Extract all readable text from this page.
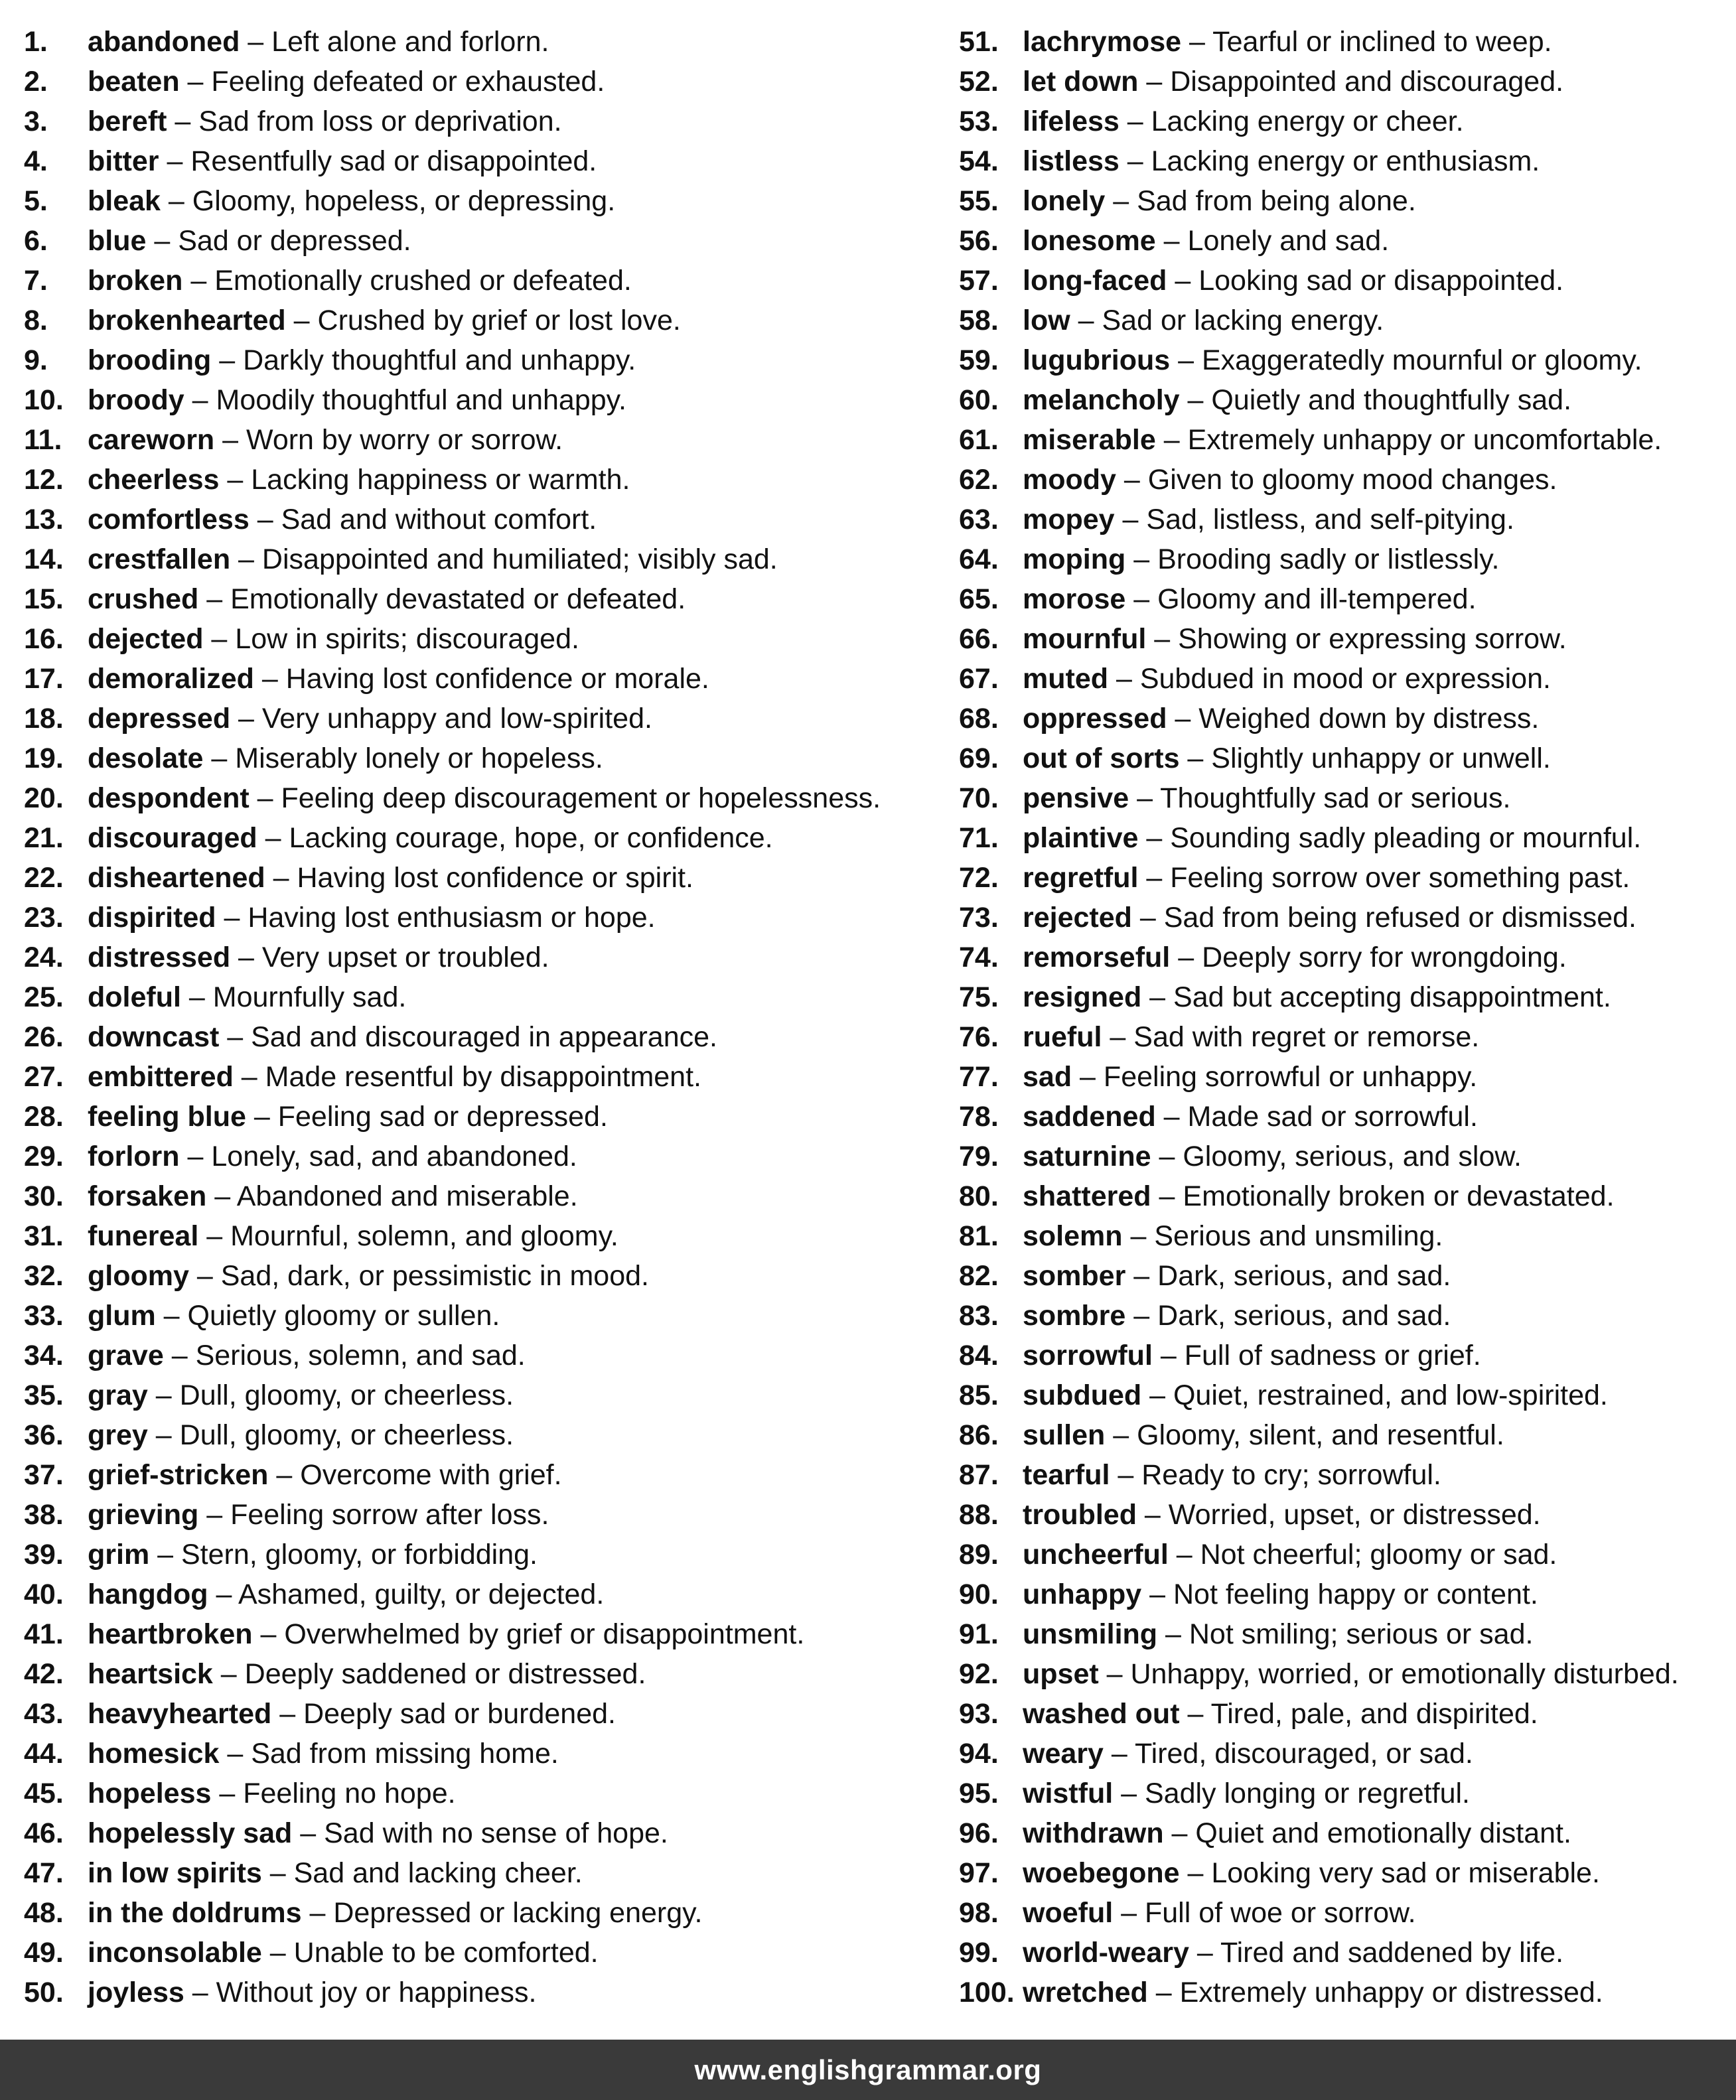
1. abandoned – Left alone and forlorn.
2. beaten – Feeling defeated or exhausted.
3. bereft – Sad from loss or deprivation.
4. bitter – Resentfully sad or disappointed.
5. bleak – Gloomy, hopeless, or depressing.
6. blue – Sad or depressed.
7. broken – Emotionally crushed or defeated.
8. brokenhearted – Crushed by grief or lost love.
9. brooding – Darkly thoughtful and unhappy.
10. broody – Moodily thoughtful and unhappy.
11. careworn – Worn by worry or sorrow.
12. cheerless – Lacking happiness or warmth.
13. comfortless – Sad and without comfort.
14. crestfallen – Disappointed and humiliated; visibly sad.
15. crushed – Emotionally devastated or defeated.
16. dejected – Low in spirits; discouraged.
17. demoralized – Having lost confidence or morale.
18. depressed – Very unhappy and low-spirited.
19. desolate – Miserably lonely or hopeless.
20. despondent – Feeling deep discouragement or hopelessness.
21. discouraged – Lacking courage, hope, or confidence.
22. disheartened – Having lost confidence or spirit.
23. dispirited – Having lost enthusiasm or hope.
24. distressed – Very upset or troubled.
25. doleful – Mournfully sad.
26. downcast – Sad and discouraged in appearance.
27. embittered – Made resentful by disappointment.
28. feeling blue – Feeling sad or depressed.
29. forlorn – Lonely, sad, and abandoned.
30. forsaken – Abandoned and miserable.
31. funereal – Mournful, solemn, and gloomy.
32. gloomy – Sad, dark, or pessimistic in mood.
33. glum – Quietly gloomy or sullen.
34. grave – Serious, solemn, and sad.
35. gray – Dull, gloomy, or cheerless.
36. grey – Dull, gloomy, or cheerless.
37. grief-stricken – Overcome with grief.
38. grieving – Feeling sorrow after loss.
39. grim – Stern, gloomy, or forbidding.
40. hangdog – Ashamed, guilty, or dejected.
41. heartbroken – Overwhelmed by grief or disappointment.
42. heartsick – Deeply saddened or distressed.
43. heavyhearted – Deeply sad or burdened.
44. homesick – Sad from missing home.
45. hopeless – Feeling no hope.
46. hopelessly sad – Sad with no sense of hope.
47. in low spirits – Sad and lacking cheer.
48. in the doldrums – Depressed or lacking energy.
49. inconsolable – Unable to be comforted.
50. joyless – Without joy or happiness.
51. lachrymose – Tearful or inclined to weep.
52. let down – Disappointed and discouraged.
53. lifeless – Lacking energy or cheer.
54. listless – Lacking energy or enthusiasm.
55. lonely – Sad from being alone.
56. lonesome – Lonely and sad.
57. long-faced – Looking sad or disappointed.
58. low – Sad or lacking energy.
59. lugubrious – Exaggeratedly mournful or gloomy.
60. melancholy – Quietly and thoughtfully sad.
61. miserable – Extremely unhappy or uncomfortable.
62. moody – Given to gloomy mood changes.
63. mopey – Sad, listless, and self-pitying.
64. moping – Brooding sadly or listlessly.
65. morose – Gloomy and ill-tempered.
66. mournful – Showing or expressing sorrow.
67. muted – Subdued in mood or expression.
68. oppressed – Weighed down by distress.
69. out of sorts – Slightly unhappy or unwell.
70. pensive – Thoughtfully sad or serious.
71. plaintive – Sounding sadly pleading or mournful.
72. regretful – Feeling sorrow over something past.
73. rejected – Sad from being refused or dismissed.
74. remorseful – Deeply sorry for wrongdoing.
75. resigned – Sad but accepting disappointment.
76. rueful – Sad with regret or remorse.
77. sad – Feeling sorrowful or unhappy.
78. saddened – Made sad or sorrowful.
79. saturnine – Gloomy, serious, and slow.
80. shattered – Emotionally broken or devastated.
81. solemn – Serious and unsmiling.
82. somber – Dark, serious, and sad.
83. sombre – Dark, serious, and sad.
84. sorrowful – Full of sadness or grief.
85. subdued – Quiet, restrained, and low-spirited.
86. sullen – Gloomy, silent, and resentful.
87. tearful – Ready to cry; sorrowful.
88. troubled – Worried, upset, or distressed.
89. uncheerful – Not cheerful; gloomy or sad.
90. unhappy – Not feeling happy or content.
91. unsmiling – Not smiling; serious or sad.
92. upset – Unhappy, worried, or emotionally disturbed.
93. washed out – Tired, pale, and dispirited.
94. weary – Tired, discouraged, or sad.
95. wistful – Sadly longing or regretful.
96. withdrawn – Quiet and emotionally distant.
97. woebegone – Looking very sad or miserable.
98. woeful – Full of woe or sorrow.
99. world-weary – Tired and saddened by life.
100. wretched – Extremely unhappy or distressed.
www.englishgrammar.org
